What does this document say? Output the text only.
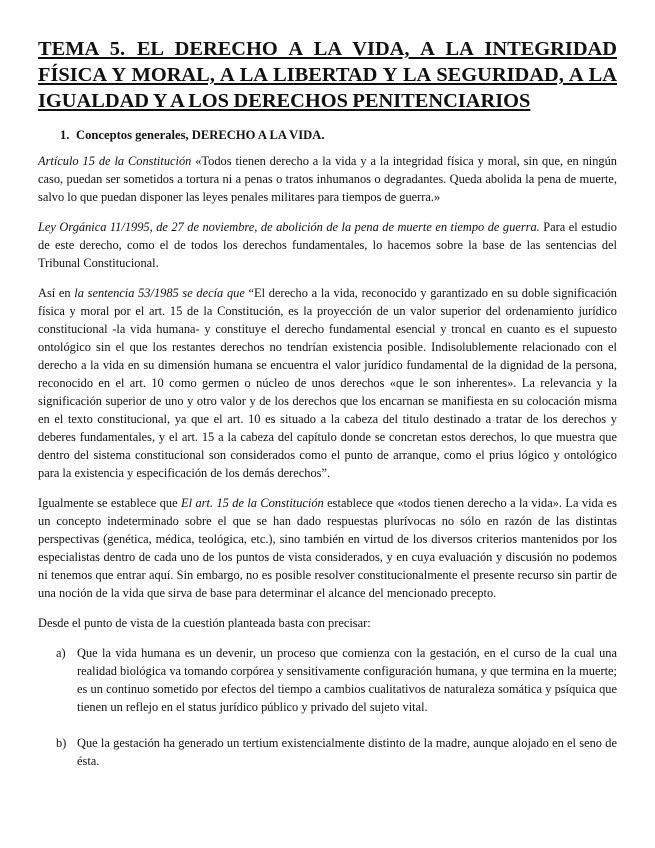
TEMA 5. EL DERECHO A LA VIDA, A LA INTEGRIDAD FÍSICA Y MORAL, A LA LIBERTAD Y LA SEGURIDAD, A LA IGUALDAD Y A LOS DERECHOS PENITENCIARIOS
1. Conceptos generales, DERECHO A LA VIDA.

Artículo 15 de la Constitución «Todos tienen derecho a la vida y a la integridad física y moral, sin que, en ningún caso, puedan ser sometidos a tortura ni a penas o tratos inhumanos o degradantes. Queda abolida la pena de muerte, salvo lo que puedan disponer las leyes penales militares para tiempos de guerra.»

Ley Orgánica 11/1995, de 27 de noviembre, de abolición de la pena de muerte en tiempo de guerra. Para el estudio de este derecho, como el de todos los derechos fundamentales, lo hacemos sobre la base de las sentencias del Tribunal Constitucional.

Así en la sentencia 53/1985 se decía que “El derecho a la vida, reconocido y garantizado en su doble significación física y moral por el art. 15 de la Constitución, es la proyección de un valor superior del ordenamiento jurídico constitucional -la vida humana- y constituye el derecho fundamental esencial y troncal en cuanto es el supuesto ontológico sin el que los restantes derechos no tendrían existencia posible. Indisolublemente relacionado con el derecho a la vida en su dimensión humana se encuentra el valor jurídico fundamental de la dignidad de la persona, reconocido en el art. 10 como germen o núcleo de unos derechos «que le son inherentes». La relevancia y la significación superior de uno y otro valor y de los derechos que los encarnan se manifiesta en su colocación misma en el texto constitucional, ya que el art. 10 es situado a la cabeza del titulo destinado a tratar de los derechos y deberes fundamentales, y el art. 15 a la cabeza del capítulo donde se concretan estos derechos, lo que muestra que dentro del sistema constitucional son considerados como el punto de arranque, como el prius lógico y ontológico para la existencia y especificación de los demás derechos”.

Igualmente se establece que El art. 15 de la Constitución establece que «todos tienen derecho a la vida». La vida es un concepto indeterminado sobre el que se han dado respuestas plurívocas no sólo en razón de las distintas perspectivas (genética, médica, teológica, etc.), sino también en virtud de los diversos criterios mantenidos por los especialistas dentro de cada uno de los puntos de vista considerados, y en cuya evaluación y discusión no podemos ni tenemos que entrar aquí. Sin embargo, no es posible resolver constitucionalmente el presente recurso sin partir de una noción de la vida que sirva de base para determinar el alcance del mencionado precepto.

Desde el punto de vista de la cuestión planteada basta con precisar:

a) Que la vida humana es un devenir, un proceso que comienza con la gestación, en el curso de la cual una realidad biológica va tomando corpórea y sensitivamente configuración humana, y que termina en la muerte; es un continuo sometido por efectos del tiempo a cambios cualitativos de naturaleza somática y psíquica que tienen un reflejo en el status jurídico público y privado del sujeto vital.
b) Que la gestación ha generado un tertium existencialmente distinto de la madre, aunque alojado en el seno de ésta.
